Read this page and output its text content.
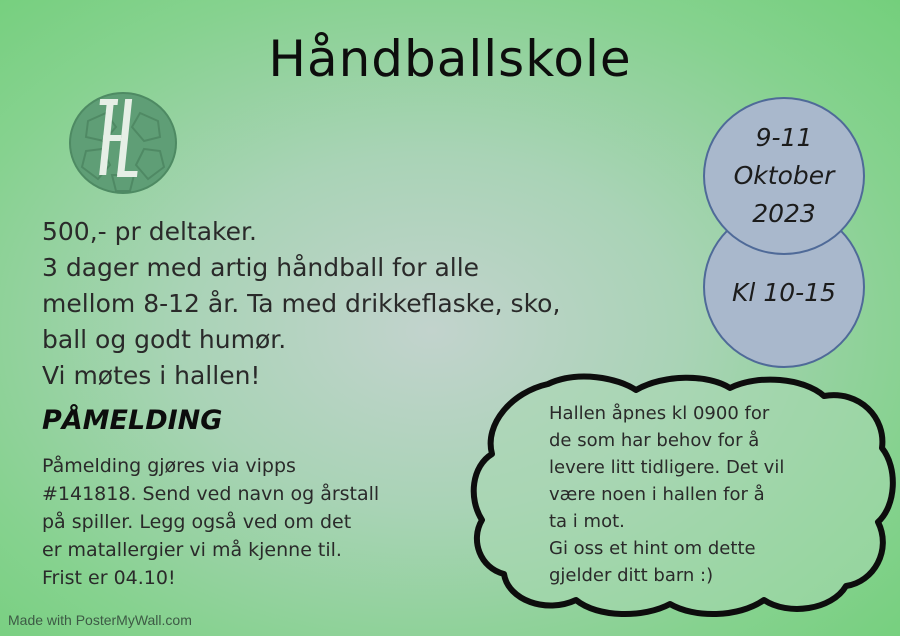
Håndballskole
Kl 10-15
9-11
Oktober
2023
500,- pr deltaker.
3 dager med artig håndball for alle
mellom 8-12 år. Ta med drikkeflaske, sko,
ball og godt humør.
Vi møtes i hallen!
PÅMELDING
Påmelding gjøres via vipps
#141818. Send ved navn og årstall
på spiller. Legg også ved om det
er matallergier vi må kjenne til.
Frist er 04.10!
Hallen åpnes kl 0900 for
de som har behov for å
levere litt tidligere. Det vil
være noen i hallen for å
ta i mot.
Gi oss et hint om dette
gjelder ditt barn :)
Made with PosterMyWall.com
